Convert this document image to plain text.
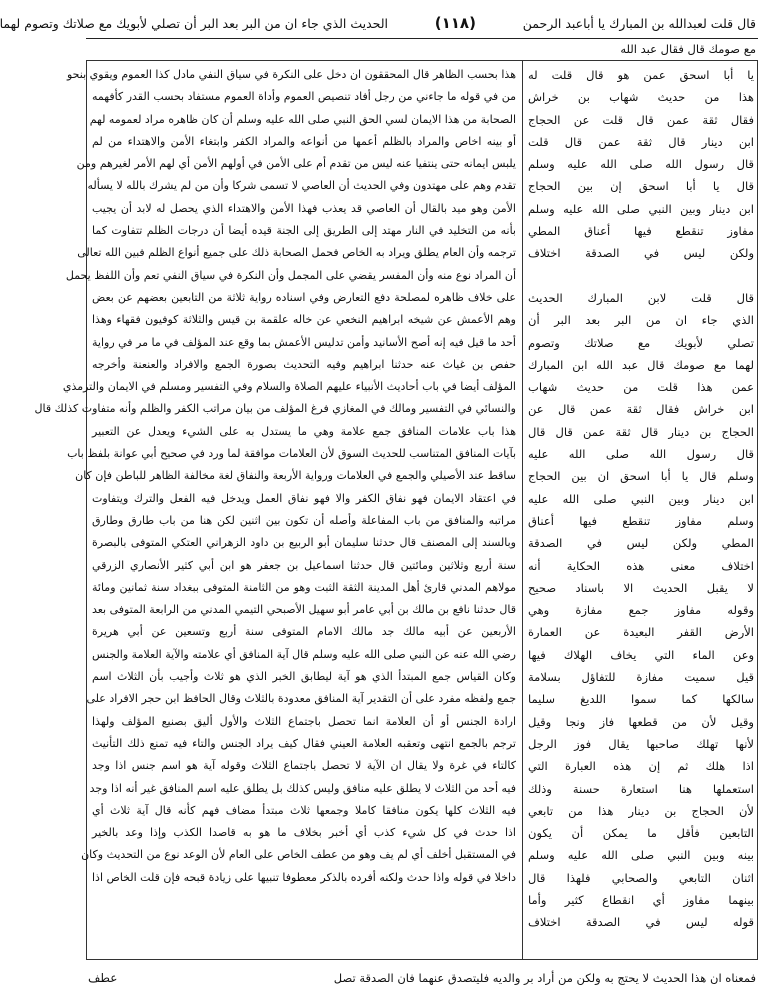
قال قلت لعبدالله بن المبارك يا أباعبد الرحمن
(١١٨)
الحديث الذي جاء ان من البر بعد البر أن تصلي لأبويك مع صلاتك وتصوم لهما
مع صومك قال فقال عبد الله
هذا بحسب الظاهر قال المحققون ان دخل على النكرة في سياق النفي مادل كذا العموم ويقوي بنحو
من في قوله ما جاءني من رجل أفاد تنصيص العموم وأداة العموم مستفاد بحسب القدر كأفهمه
الصحابة من هذا الايمان لسي الحق النبي صلى الله عليه وسلم أن كان ظاهره مراد لعمومه لهم
أو بينه اخاص والمراد بالظلم أعمها من أنواعه والمراد الكفر وابتغاء الأمن والاهتداء من لم
يلبس ايمانه حتى ينتفيا عنه ليس من تقدم أم على الأمن في أولهم الأمن أي لهم الأمر لغيرهم ومن
تقدم وهم على مهتدون وفي الحديث أن العاصي لا تسمى شركا وأن من لم يشرك بالله لا يسأله
الأمن وهو ميد بالقال أن العاصي قد يعذب فهذا الأمن والاهتداء الذي يحصل له لابد أن يجيب
بأنه من التخليد في النار مهتد إلى الطريق إلى الجنة قيده أيضا أن درجات الظلم تتفاوت كما
ترجمه وأن العام يطلق ويراد به الخاص فحمل الصحابة ذلك على جميع أنواع الظلم فبين الله تعالى
أن المراد نوع منه وأن المفسر يقضي على المجمل وأن النكرة في سياق النفي تعم وأن اللفظ يحمل
على خلاف ظاهره لمصلحة دفع التعارض وفي اسناده رواية ثلاثة من التابعين بعضهم عن بعض
وهم الأعمش عن شيخه ابراهيم النخعي عن خاله علقمة بن قيس والثلاثة كوفيون فقهاء وهذا
أحد ما قيل فيه إنه أصح الأسانيد وأمن تدليس الأعمش بما وقع عند المؤلف في ما مر في رواية
حفص بن غياث عنه حدثنا ابراهيم وفيه التحديث بصورة الجمع والافراد والعنعنة وأخرجه
المؤلف أيضا في باب أحاديث الأنبياء عليهم الصلاة والسلام وفي التفسير ومسلم في الايمان والترمذي
والنسائي في التفسير ومالك في المغازي فرغ المؤلف من بيان مراتب الكفر والظلم وأنه متفاوت كذلك قال
هذا باب علامات المنافق جمع علامة وهي ما يستدل به على الشيء ويعدل عن التعبير
بآيات المنافق المتناسب للحديث السوق لأن العلامات موافقة لما ورد في صحيح أبي عوانة بلفظ باب
ساقط عند الأصيلي والجمع في العلامات ورواية الأربعة والنفاق لغة مخالفة الظاهر للباطن فإن كان
في اعتقاد الايمان فهو نفاق الكفر والا فهو نفاق العمل ويدخل فيه الفعل والترك ويتفاوت
مراتبه والمنافق من باب المفاعلة وأصله أن تكون بين اثنين لكن هنا من باب طارق وطارق
وبالسند إلى المصنف قال حدثنا سليمان أبو الربيع بن داود الزهراني العتكي المتوفى بالبصرة
سنة أربع وثلاثين ومائتين قال حدثنا اسماعيل بن جعفر هو ابن أبي كثير الأنصاري الزرقي
مولاهم المدني قارئ أهل المدينة الثقة الثبت وهو من الثامنة المتوفى ببغداد سنة ثمانين ومائة
قال حدثنا نافع بن مالك بن أبي عامر أبو سهيل الأصبحي التيمي المدني من الرابعة المتوفى بعد
الأربعين عن أبيه مالك جد مالك الامام المتوفى سنة أربع وتسعين عن أبي هريرة
رضي الله عنه عن النبي صلى الله عليه وسلم قال آية المنافق أي علامته والآية العلامة والجنس
وكان القياس جمع المبتدأ الذي هو آية ليطابق الخبر الذي هو ثلاث وأجيب بأن الثلاث اسم
جمع ولفظه مفرد على أن التقدير آية المنافق معدودة بالثلاث وقال الحافظ ابن حجر الافراد على
ارادة الجنس أو أن العلامة انما تحصل باجتماع الثلاث والأول أليق بصنيع المؤلف ولهذا
ترجم بالجمع انتهى وتعقبه العلامة العيني فقال كيف يراد الجنس والتاء فيه تمنع ذلك التأنيث
كالتاء في غرة ولا يقال ان الآية لا تحصل باجتماع الثلاث وقوله آية هو اسم جنس اذا وجد
فيه أحد من الثلاث لا يطلق عليه منافق وليس كذلك بل يطلق عليه اسم المنافق غير أنه اذا وجد
فيه الثلاث كلها يكون منافقا كاملا وجمعها ثلاث مبتدأ مضاف فهم كأنه قال آية ثلاث أي
اذا حدث في كل شيء كذب أي أخبر بخلاف ما هو به قاصدا الكذب وإذا وعد بالخير
في المستقبل أخلف أي لم يف وهو من عطف الخاص على العام لأن الوعد نوع من التحديث وكان
داخلا في قوله واذا حدث ولكنه أفرده بالذكر معطوفا تنبيها على زيادة قبحه فإن قلت الخاص اذا
يا أبا اسحق عمن هو قال قلت له
هذا من حديث شهاب بن خراش
فقال ثقة عمن قال قلت عن الحجاج
ابن دينار قال ثقة عمن قال قلت
قال رسول الله صلى الله عليه وسلم
قال يا أبا اسحق إن بين الحجاج
ابن دينار وبين النبي صلى الله عليه وسلم
مفاوز تنقطع فيها أعناق المطي
ولكن ليس في الصدقة اختلاف
قال قلت لابن المبارك الحديث
الذي جاء ان من البر بعد البر أن
تصلي لأبويك مع صلاتك وتصوم
لهما مع صومك قال عبد الله ابن المبارك
عمن هذا قلت من حديث شهاب
ابن خراش فقال ثقة عمن قال عن
الحجاج بن دينار قال ثقة عمن قال قال
قال رسول الله صلى الله عليه
وسلم قال يا أبا اسحق ان بين الحجاج
ابن دينار وبين النبي صلى الله عليه
وسلم مفاوز تنقطع فيها أعناق
المطي ولكن ليس في الصدقة
اختلاف معنى هذه الحكاية أنه
لا يقبل الحديث الا باسناد صحيح
وقوله مفاوز جمع مفازة وهي
الأرض القفر البعيدة عن العمارة
وعن الماء التي يخاف الهلاك فيها
قيل سميت مفازة للتفاؤل بسلامة
سالكها كما سموا اللديغ سليما
وقيل لأن من قطعها فاز ونجا وقيل
لأنها تهلك صاحبها يقال فوز الرجل
اذا هلك ثم إن هذه العبارة التي
استعملها هنا استعارة حسنة وذلك
لأن الحجاج بن دينار هذا من تابعي
التابعين فأقل ما يمكن أن يكون
بينه وبين النبي صلى الله عليه وسلم
اثنان التابعي والصحابي فلهذا قال
بينهما مفاوز أي انقطاع كثير وأما
قوله ليس في الصدقة اختلاف
فمعناه ان هذا الحديث لا يحتج به ولكن من أراد بر والديه فليتصدق عنهما فان الصدقة تصل
عطف
